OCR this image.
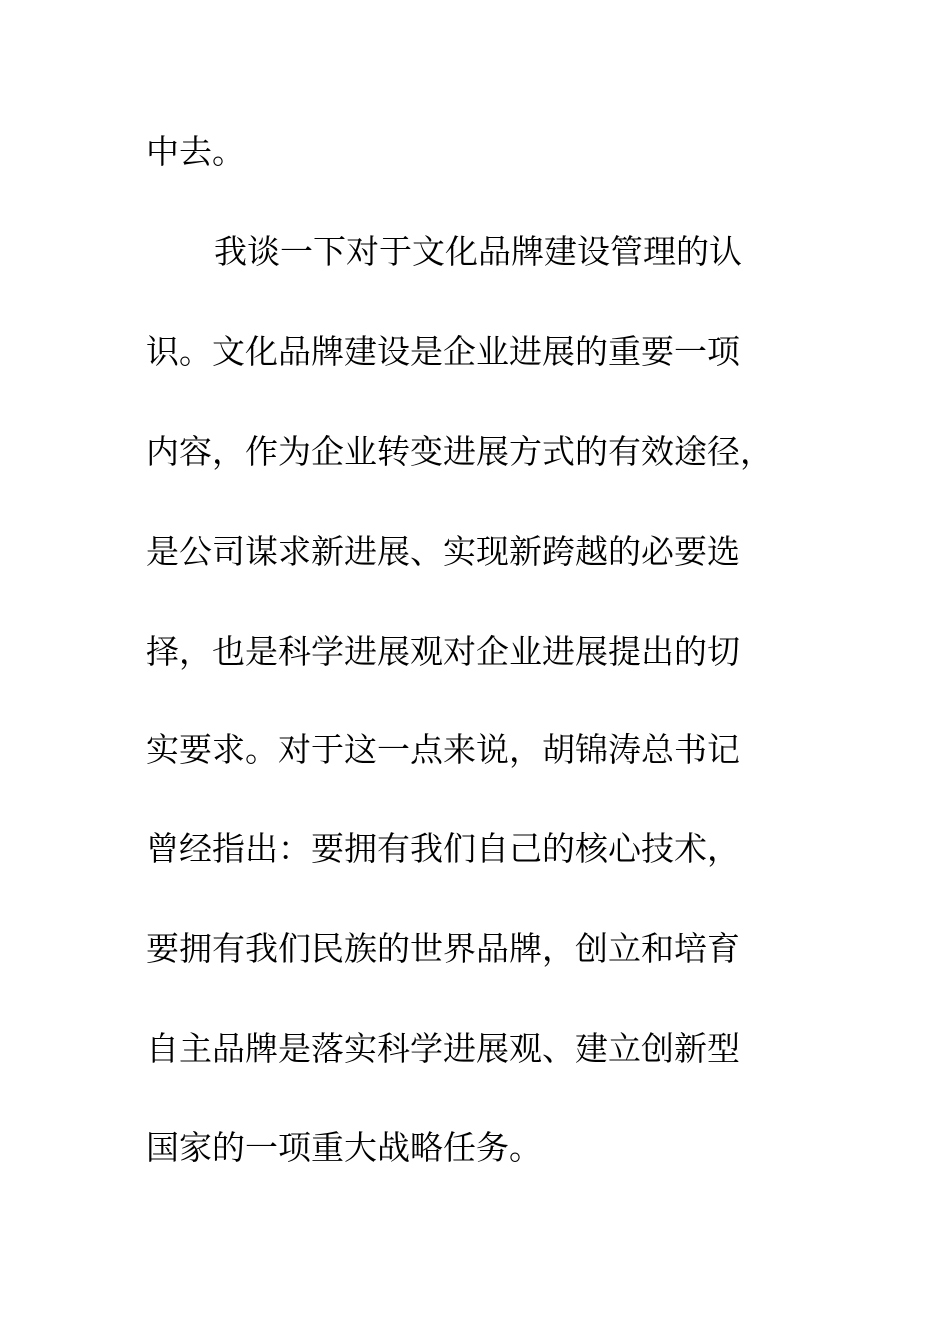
中去。
我谈一下对于文化品牌建设管理的认
识。文化品牌建设是企业进展的重要一项
内容，作为企业转变进展方式的有效途径，
是公司谋求新进展、实现新跨越的必要选
择，也是科学进展观对企业进展提出的切
实要求。对于这一点来说，胡锦涛总书记
曾经指出：要拥有我们自己的核心技术，
要拥有我们民族的世界品牌，创立和培育
自主品牌是落实科学进展观、建立创新型
国家的一项重大战略任务。
